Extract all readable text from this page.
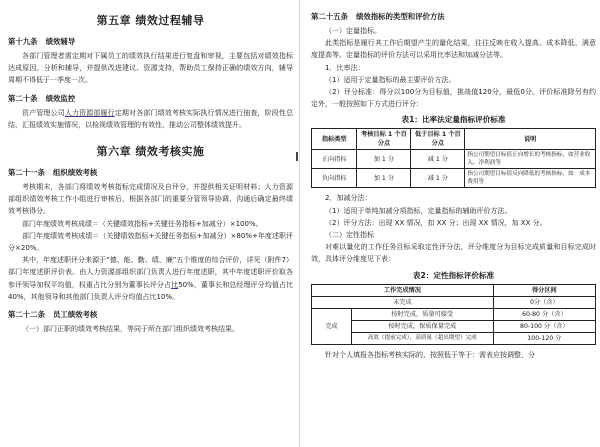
第五章 绩效过程辅导
第十九条 绩效辅导

各部门管理者需定期对下属员工的绩效执行结果进行复盘和审视，主要包括对绩效指标达成原因、分析和辅导，并提供改进建议、资源支持，帮助员工保持正确的绩效方向，辅导周期不得低于一季度一次。

第二十条 绩效监控

资产管理公司人力资源部履行定期对各部门绩效考核实际执行情况进行抽查，阶段性总结，汇报绩效实施情况，以检视绩效管理的有效性，推动公司整体绩效提升。

第六章 绩效考核实施
第二十一条 组织绩效考核

考核期末，各部门将绩效考核指标完成情况及自评分，并提供相关证明材料；人力资源部组织绩效考核工作小组进行审核后，根据各部门的重要分管领导协调、沟通后确定最终绩效考核得分。

部门年度绩效考核成绩＝（关键绩效指标+关键任务指标+加减分）×100%。

部门年度绩效考核成绩＝（关键绩效指标+关键任务指标+加减分）×80%+年度述职评分×20%。

其中，年度述职评分来源于“德、能、勤、绩、廉”五个维度的综合评价，详见（附件7）部门年度述职评价表。由人力资源部组织部门负责人进行年度述职，其中年度述职评价取各参评领导加权平均值，权重占比分别为董事长评分占比50%，董事长和总经理评分均值占比40%，其他领导和其他部门负责人评分均值占比10%。

第二十二条 员工绩效考核

（一）部门正职的绩效考核结果，等同于所在部门组织绩效考核结果。

第二十五条 绩效指标的类型和评价方法

（一）定量指标。

此类指标是履行其工作后期望产生的量化结果，往往反映在收入提高、成本降低、满意度提高等。定量指标的评价方法可以采用比率法和加减分法等。

1．比率法：

（1）适用于定量指标的最主要评价方法。

（2）评分标准：得分以100分为目标值，挑战值120分，最低0分。评价标准除另有约定外，一般按照如下方式进行评分：

表1：比率法定量指标评价标准
指标类型	考核目标 1 个百分点	低于目标 1 个百分点	说明
正向指标	加 1 分	减 1 分	指公司期望目标值正向增长的考核指标，如营业收入、净利润等
负向指标	加 1 分	减 1 分	指公司期望目标值反向降低的考核指标，如：成本费用等

2．加减分法：

（1）适用于单纯加减分项指标，定量指标的辅助评价方法。

（2）评分方法：出现 XX 情况，扣 XX 分；出现 XX 情况，加 XX 分。

（二）定性指标

对难以量化的工作任务目标采取定性评分法，评分维度分为目标完成质量和目标完成时效，具体评分维度见下表：

表2：定性指标评价标准
工作完成情况		得分区间
未完成		0分（含）
完成	按时完成，质量可接受	60-80 分（含）
	按时完成，保质保量完成	80-100 分（含）
	高效（提前完成），高质量（超出期望）完成	100-120 分

针对个人填报各指标考核实际的，按照低于等于：需表应按调整，分
